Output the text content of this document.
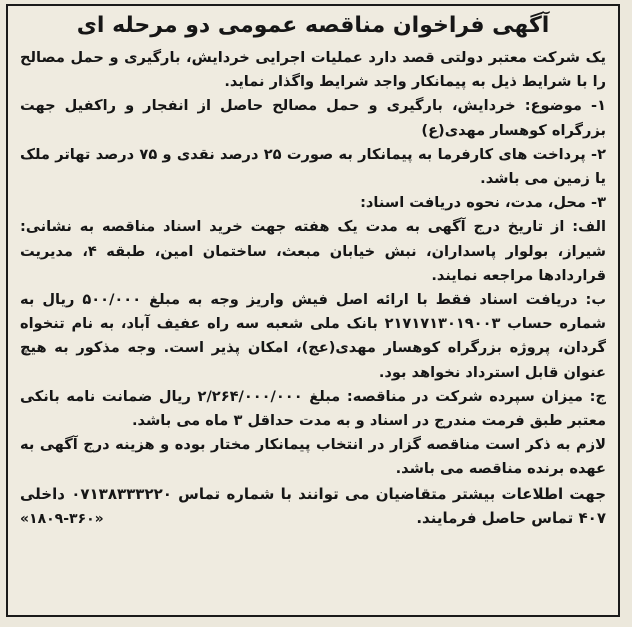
آگهی فراخوان مناقصه عمومی دو مرحله ای

یک شرکت معتبر دولتی قصد دارد عملیات اجرایی خردایش، بارگیری و حمل مصالح را با شرایط ذیل به پیمانکار واجد شرایط واگذار نماید.

۱- موضوع: خردایش، بارگیری و حمل مصالح حاصل از انفجار و راکفیل جهت بزرگراه کوهسار مهدی(ع)

۲- پرداخت های کارفرما به پیمانکار به صورت ۲۵ درصد نقدی و ۷۵ درصد تهاتر ملک یا زمین می باشد.

۳- محل، مدت، نحوه دریافت اسناد:

الف: از تاریخ درج آگهی به مدت یک هفته جهت خرید اسناد مناقصه به نشانی: شیراز، بولوار پاسداران، نبش خیابان مبعث، ساختمان امین، طبقه ۴، مدیریت قراردادها مراجعه نمایند.

ب: دریافت اسناد فقط با ارائه اصل فیش واریز وجه به مبلغ ۵۰۰/۰۰۰ ریال به شماره حساب ۲۱۷۱۷۱۳۰۱۹۰۰۳ بانک ملی شعبه سه راه عفیف آباد، به نام تنخواه گردان، پروژه بزرگراه کوهسار مهدی(عج)، امکان پذیر است. وجه مذکور به هیچ عنوان قابل استرداد نخواهد بود.

ج: میزان سپرده شرکت در مناقصه: مبلغ ۲/۲۶۴/۰۰۰/۰۰۰ ریال ضمانت نامه بانکی معتبر طبق فرمت مندرج در اسناد و به مدت حداقل ۳ ماه می باشد.

لازم به ذکر است مناقصه گزار در انتخاب پیمانکار مختار بوده و هزینه درج آگهی به عهده برنده مناقصه می باشد.

جهت اطلاعات بیشتر متقاضیان می توانند با شماره تماس ۰۷۱۳۸۳۳۳۲۲۰ داخلی ۴۰۷ تماس حاصل فرمایند.

«۱۸۰۹-۳۶۰»
